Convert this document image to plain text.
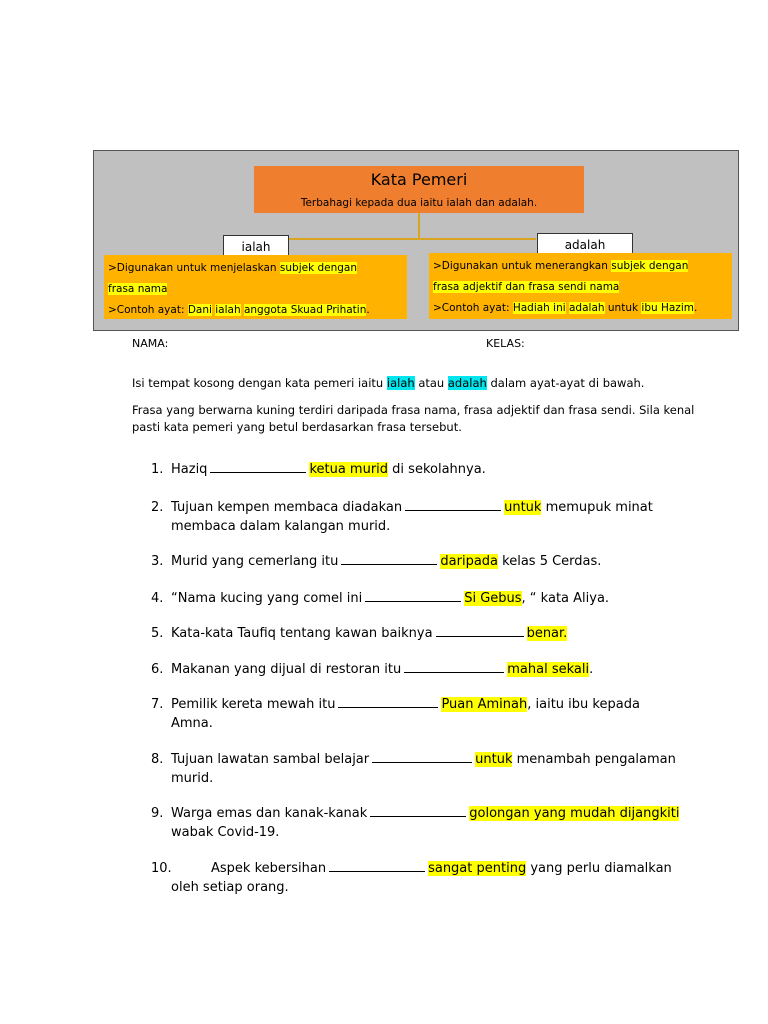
Kata Pemeri
Terbahagi kepada dua iaitu ialah dan adalah.
ialah	adalah
>Digunakan untuk menjelaskan subjek dengan
frasa nama
>Contoh ayat: Dani ialah anggota Skuad Prihatin.
>Digunakan untuk menerangkan subjek dengan
frasa adjektif dan frasa sendi nama
>Contoh ayat: Hadiah ini adalah untuk ibu Hazim.
NAMA:	KELAS:
Isi tempat kosong dengan kata pemeri iaitu ialah atau adalah dalam ayat-ayat di bawah.
Frasa yang berwarna kuning terdiri daripada frasa nama, frasa adjektif dan frasa sendi. Sila kenal pasti kata pemeri yang betul berdasarkan frasa tersebut.
1. Haziq	ketua murid di sekolahnya.
2. Tujuan kempen membaca diadakan	untuk memupuk minat
membaca dalam kalangan murid.
3. Murid yang cemerlang itu	daripada kelas 5 Cerdas.
4. “Nama kucing yang comel ini	Si Gebus, “ kata Aliya.
5. Kata-kata Taufiq tentang kawan baiknya	benar.
6. Makanan yang dijual di restoran itu	mahal sekali.
7. Pemilik kereta mewah itu	Puan Aminah, iaitu ibu kepada
Amna.
8. Tujuan lawatan sambal belajar	untuk menambah pengalaman
murid.
9. Warga emas dan kanak-kanak	golongan yang mudah dijangkiti
wabak Covid-19.
10.	Aspek kebersihan	sangat penting yang perlu diamalkan
oleh setiap orang.
